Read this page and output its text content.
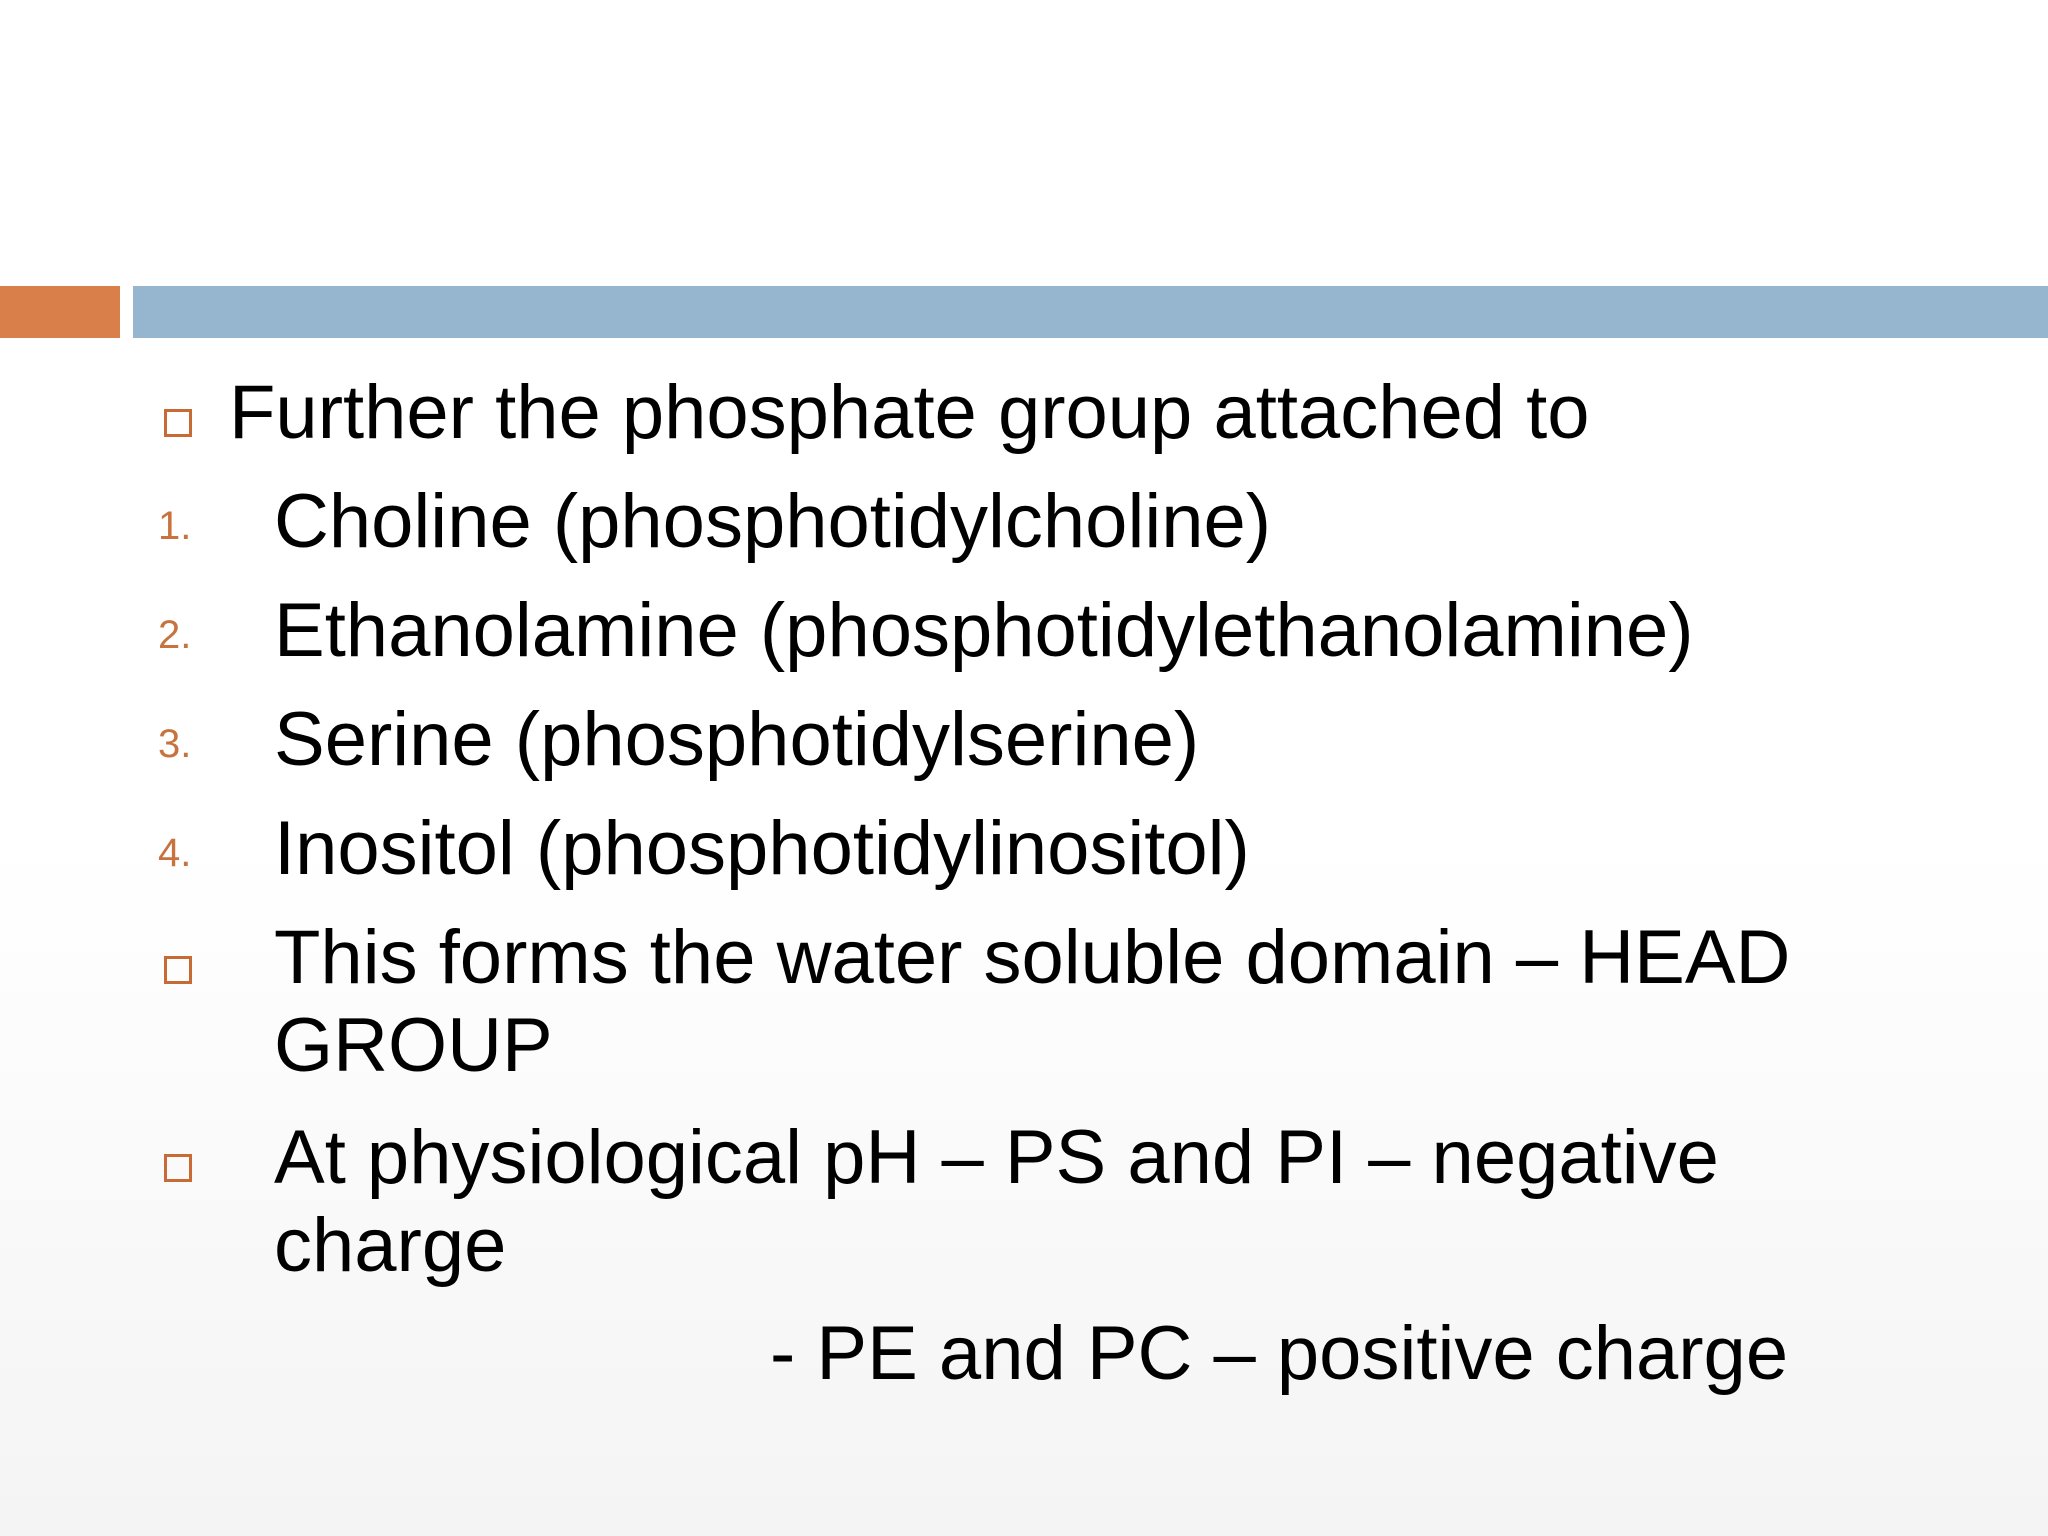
Further the phosphate group attached to
1. Choline (phosphotidylcholine)
2. Ethanolamine (phosphotidylethanolamine)
3. Serine (phosphotidylserine)
4. Inositol (phosphotidylinositol)
This forms the water soluble domain – HEAD
GROUP
At physiological pH – PS and PI – negative
charge
- PE and PC – positive charge
